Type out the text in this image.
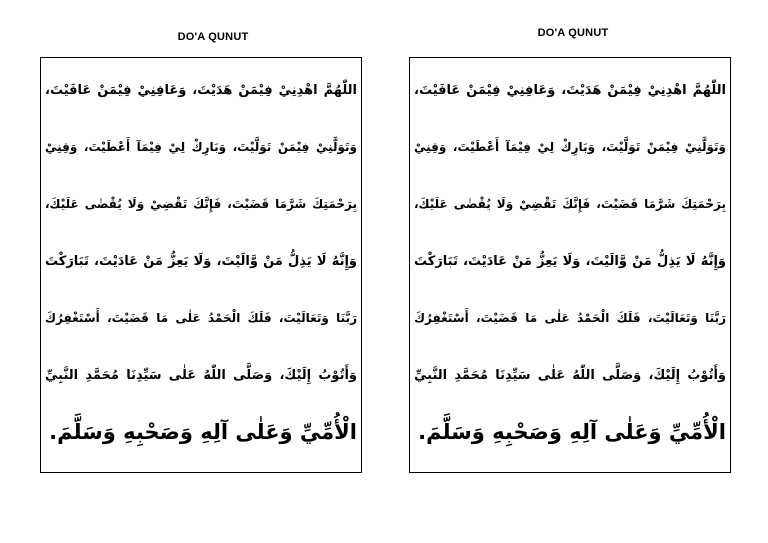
DO'A QUNUT
اللّٰهُمَّ اهْدِنِيْ فِيْمَنْ هَدَيْتَ، وَعَافِنِيْ فِيْمَنْ عَافَيْتَ،
وَتَوَلَّنِيْ فِيْمَنْ تَوَلَّيْتَ، وَبَارِكْ لِيْ فِيْمَآ أَعْطَيْتَ، وَقِنِيْ
بِرَحْمَتِكَ شَرَّمَا قَضَيْتَ، فَإِنَّكَ تَقْضِيْ وَلَا يُقْضٰى عَلَيْكَ،
وَإِنَّهُ لَا يَذِلُّ مَنْ وَّالَيْتَ، وَلَا يَعِزُّ مَنْ عَادَيْتَ، تَبَارَكْتَ
رَبَّنَا وَتَعَالَيْتَ، فَلَكَ الْحَمْدُ عَلٰى مَا قَضَيْتَ، أَسْتَغْفِرُكَ
وَأَتُوْبُ إِلَيْكَ، وَصَلَّى اللّٰهُ عَلٰى سَيِّدِنَا مُحَمَّدِ النَّبِيِّ
الْأُمِّيِّ وَعَلٰى آلِهِ وَصَحْبِهِ وَسَلَّمَ.
DO'A QUNUT
اللّٰهُمَّ اهْدِنِيْ فِيْمَنْ هَدَيْتَ، وَعَافِنِيْ فِيْمَنْ عَافَيْتَ،
وَتَوَلَّنِيْ فِيْمَنْ تَوَلَّيْتَ، وَبَارِكْ لِيْ فِيْمَآ أَعْطَيْتَ، وَقِنِيْ
بِرَحْمَتِكَ شَرَّمَا قَضَيْتَ، فَإِنَّكَ تَقْضِيْ وَلَا يُقْضٰى عَلَيْكَ،
وَإِنَّهُ لَا يَذِلُّ مَنْ وَّالَيْتَ، وَلَا يَعِزُّ مَنْ عَادَيْتَ، تَبَارَكْتَ
رَبَّنَا وَتَعَالَيْتَ، فَلَكَ الْحَمْدُ عَلٰى مَا قَضَيْتَ، أَسْتَغْفِرُكَ
وَأَتُوْبُ إِلَيْكَ، وَصَلَّى اللّٰهُ عَلٰى سَيِّدِنَا مُحَمَّدِ النَّبِيِّ
الْأُمِّيِّ وَعَلٰى آلِهِ وَصَحْبِهِ وَسَلَّمَ.
